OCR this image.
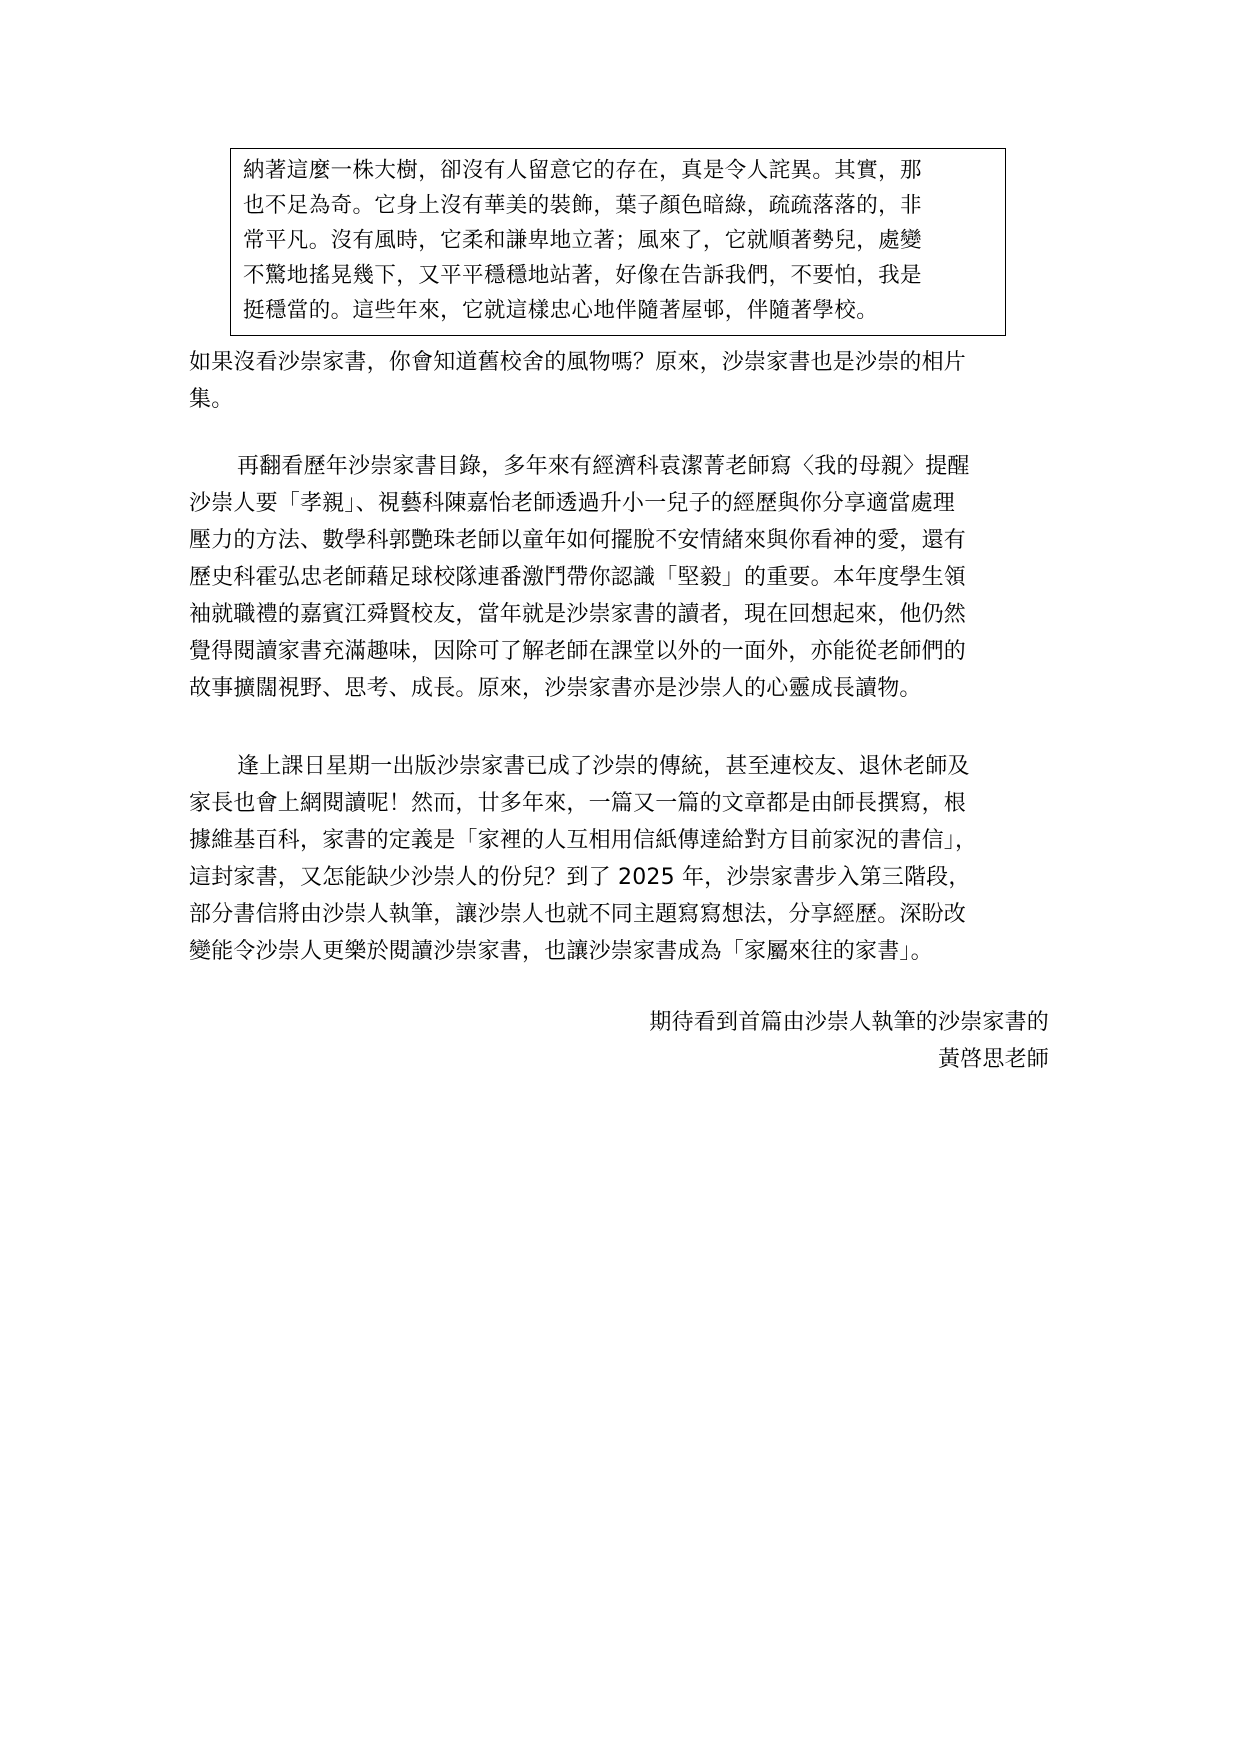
納著這麼一株大樹，卻沒有人留意它的存在，真是令人詫異。其實，那
也不足為奇。它身上沒有華美的裝飾，葉子顏色暗綠，疏疏落落的，非
常平凡。沒有風時，它柔和謙卑地立著；風來了，它就順著勢兒，處變
不驚地搖晃幾下，又平平穩穩地站著，好像在告訴我們，不要怕，我是
挺穩當的。這些年來，它就這樣忠心地伴隨著屋邨，伴隨著學校。
如果沒看沙崇家書，你會知道舊校舍的風物嗎？原來，沙崇家書也是沙崇的相片
集。
再翻看歷年沙崇家書目錄，多年來有經濟科袁潔菁老師寫〈我的母親〉提醒
沙崇人要「孝親」、視藝科陳嘉怡老師透過升小一兒子的經歷與你分享適當處理
壓力的方法、數學科郭艷珠老師以童年如何擺脫不安情緒來與你看神的愛，還有
歷史科霍弘忠老師藉足球校隊連番激鬥帶你認識「堅毅」的重要。本年度學生領
袖就職禮的嘉賓江舜賢校友，當年就是沙崇家書的讀者，現在回想起來，他仍然
覺得閱讀家書充滿趣味，因除可了解老師在課堂以外的一面外，亦能從老師們的
故事擴闊視野、思考、成長。原來，沙崇家書亦是沙崇人的心靈成長讀物。
逢上課日星期一出版沙崇家書已成了沙崇的傳統，甚至連校友、退休老師及
家長也會上網閱讀呢！然而，廿多年來，一篇又一篇的文章都是由師長撰寫，根
據維基百科，家書的定義是「家裡的人互相用信紙傳達給對方目前家況的書信」，
這封家書，又怎能缺少沙崇人的份兒？到了 2025 年，沙崇家書步入第三階段，
部分書信將由沙崇人執筆，讓沙崇人也就不同主題寫寫想法，分享經歷。深盼改
變能令沙崇人更樂於閱讀沙崇家書，也讓沙崇家書成為「家屬來往的家書」。
期待看到首篇由沙崇人執筆的沙崇家書的
黃啓思老師
